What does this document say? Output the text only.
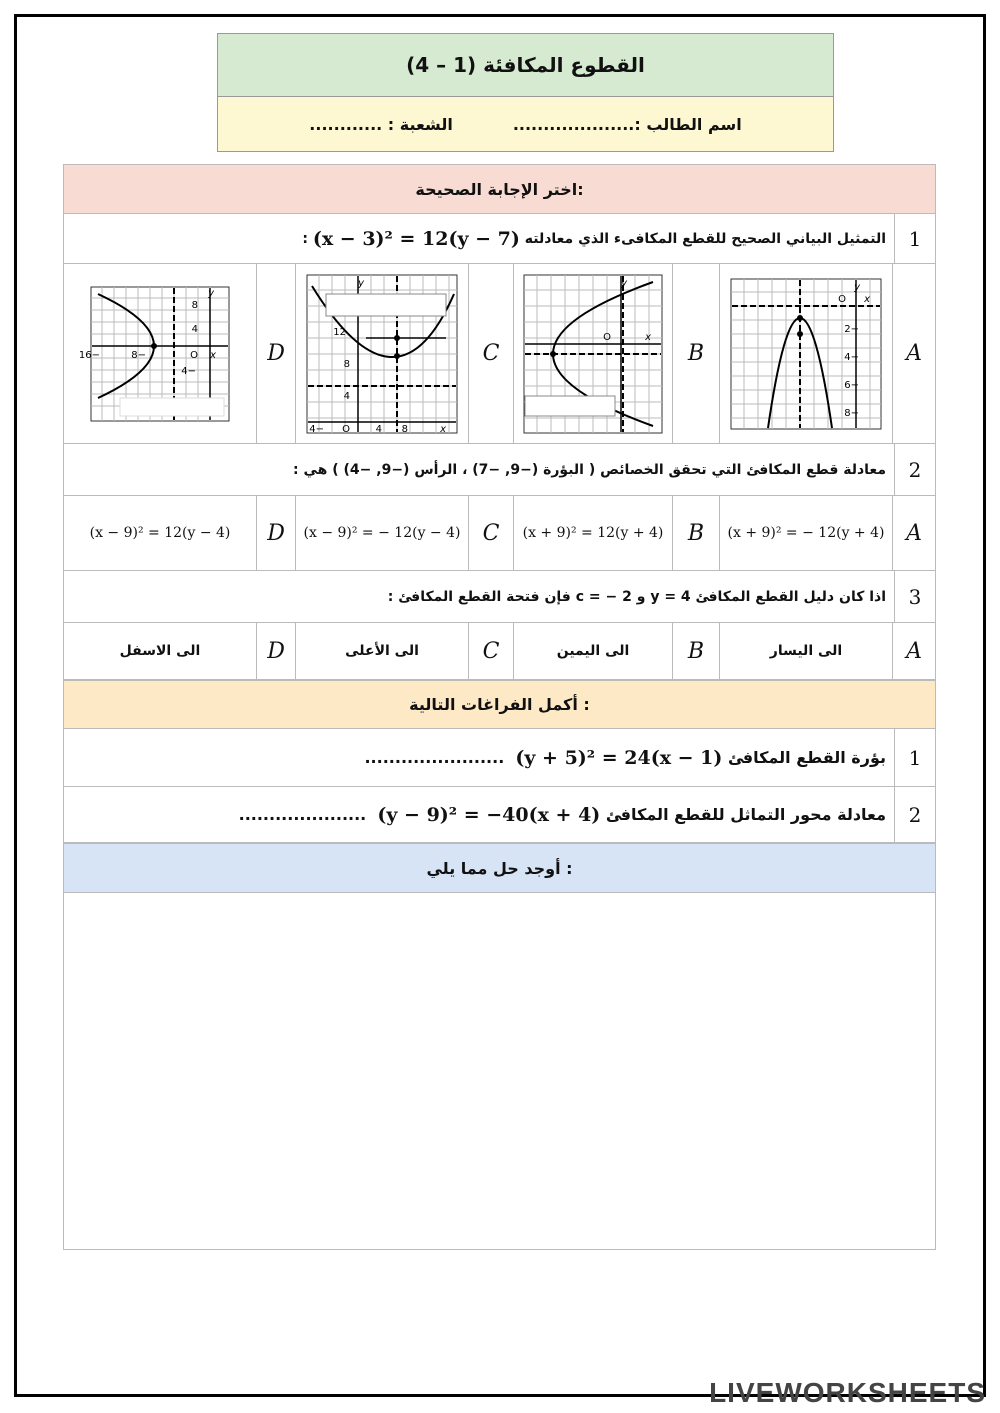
(4 – 1) القطوع المكافئة
اسم الطالب :....................
الشعبة : ............
اختر الإجابة الصحيحة:
1
التمثيل البياني الصحيح للقطع المكافىء الذي معادلته

(x − 3)² = 12(y − 7)

:
A
O
−2
−4
−6
−8
x
y
B
y
O	x
C
y
12
8
4
−4 O	4 8	x
D
y
8
4
−16	−8	O x
−4
2
معادلة قطع المكافئ التي تحقق الخصائص ( البؤرة (−9, −7) ، الرأس (−9, −4) ) هي :
A
(x + 9)² = − 12(y + 4)
B
(x + 9)² = 12(y + 4)
C
(x − 9)² = − 12(y − 4)
D
(x − 9)² = 12(y − 4)
3
اذا كان دليل القطع المكافئ y = 4 و c = − 2 فإن فتحة القطع المكافئ :
A
الى اليسار
B
الى اليمين
C
الى الأعلى
D
الى الاسفل
أكمل الفراغات التالية :
1
بؤرة القطع المكافئ

(y + 5)² = 24(x − 1)

.......................
2
معادلة محور التماثل للقطع المكافئ

(y − 9)² = −40(x + 4)

.....................
أوجد حل مما يلي :
LIVEWORKSHEETS
